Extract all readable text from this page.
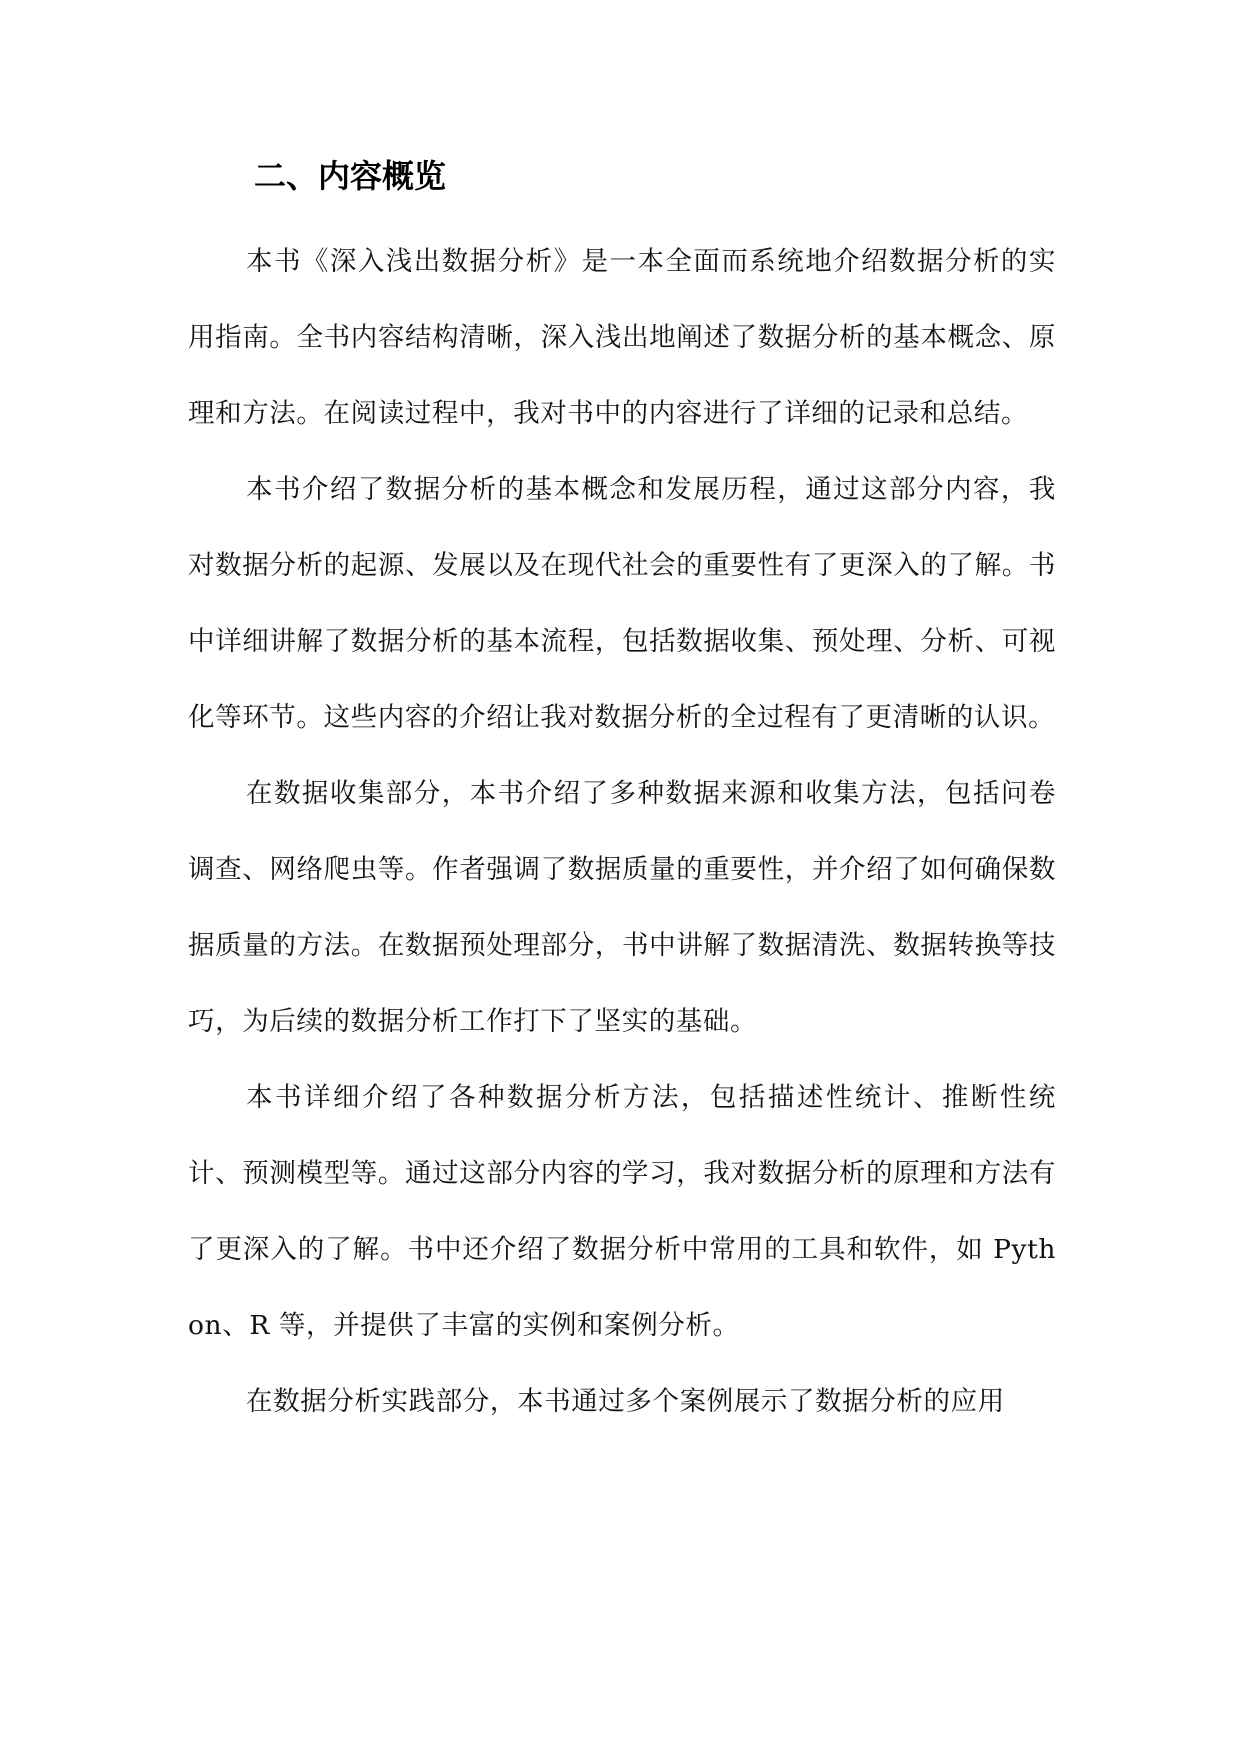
二、内容概览

本书《深入浅出数据分析》是一本全面而系统地介绍数据分析的实用指南。全书内容结构清晰，深入浅出地阐述了数据分析的基本概念、原理和方法。在阅读过程中，我对书中的内容进行了详细的记录和总结。

本书介绍了数据分析的基本概念和发展历程，通过这部分内容，我对数据分析的起源、发展以及在现代社会的重要性有了更深入的了解。书中详细讲解了数据分析的基本流程，包括数据收集、预处理、分析、可视化等环节。这些内容的介绍让我对数据分析的全过程有了更清晰的认识。

在数据收集部分，本书介绍了多种数据来源和收集方法，包括问卷调查、网络爬虫等。作者强调了数据质量的重要性，并介绍了如何确保数据质量的方法。在数据预处理部分，书中讲解了数据清洗、数据转换等技巧，为后续的数据分析工作打下了坚实的基础。

本书详细介绍了各种数据分析方法，包括描述性统计、推断性统计、预测模型等。通过这部分内容的学习，我对数据分析的原理和方法有了更深入的了解。书中还介绍了数据分析中常用的工具和软件，如 Python、R 等，并提供了丰富的实例和案例分析。

在数据分析实践部分，本书通过多个案例展示了数据分析的应用
